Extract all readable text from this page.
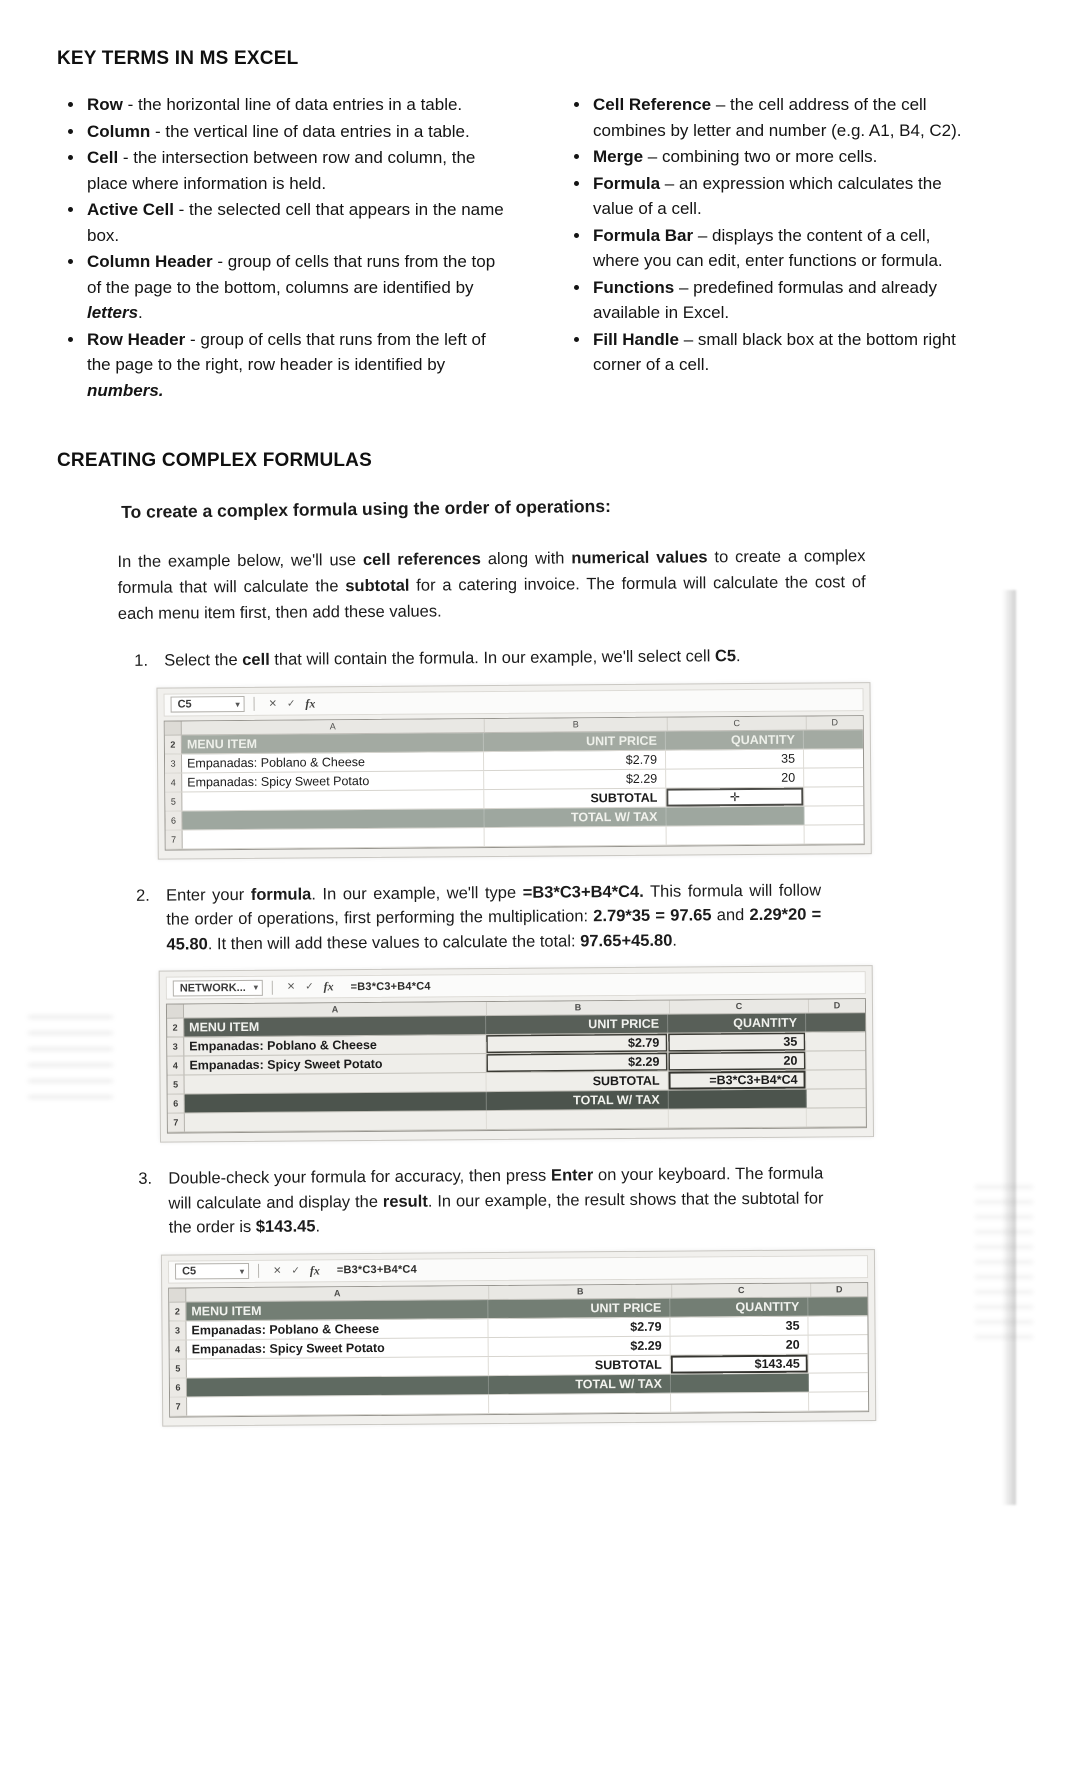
KEY TERMS IN MS EXCEL
• Row - the horizontal line of data entries in a table.
• Column - the vertical line of data entries in a table.
• Cell - the intersection between row and column, the place where information is held.
• Active Cell - the selected cell that appears in the name box.
• Column Header - group of cells that runs from the top of the page to the bottom, columns are identified by letters.
• Row Header - group of cells that runs from the left of the page to the right, row header is identified by numbers.
• Cell Reference – the cell address of the cell combines by letter and number (e.g. A1, B4, C2).
• Merge – combining two or more cells.
• Formula – an expression which calculates the value of a cell.
• Formula Bar – displays the content of a cell, where you can edit, enter functions or formula.
• Functions – predefined formulas and already available in Excel.
• Fill Handle – small black box at the bottom right corner of a cell.
CREATING COMPLEX FORMULAS
To create a complex formula using the order of operations:

In the example below, we'll use cell references along with numerical values to create a complex formula that will calculate the subtotal for a catering invoice. The formula will calculate the cost of each menu item first, then add these values.

1. Select the cell that will contain the formula. In our example, we'll select cell C5.
C5	▾	✕ ✓ fx
A	B	C	D
2 MENU ITEM	UNIT PRICE	QUANTITY
3 Empanadas: Poblano & Cheese	$2.79	35
4 Empanadas: Spicy Sweet Potato	$2.29	20
5	SUBTOTAL	✛
6	TOTAL W/ TAX
7
2. Enter your formula. In our example, we'll type =B3*C3+B4*C4. This formula will follow the order of operations, first performing the multiplication: 2.79*35 = 97.65 and 2.29*20 = 45.80. It then will add these values to calculate the total: 97.65+45.80.
NETWORK... ▾	✕ ✓ fx =B3*C3+B4*C4
A	B	C	D
2 MENU ITEM	UNIT PRICE	QUANTITY
3 Empanadas: Poblano & Cheese	$2.79	35
4 Empanadas: Spicy Sweet Potato	$2.29	20
5	SUBTOTAL	=B3*C3+B4*C4
6	TOTAL W/ TAX
7
3. Double-check your formula for accuracy, then press Enter on your keyboard. The formula will calculate and display the result. In our example, the result shows that the subtotal for the order is $143.45.
C5	▾	✕ ✓ fx =B3*C3+B4*C4
A	B	C	D
2 MENU ITEM	UNIT PRICE	QUANTITY
3 Empanadas: Poblano & Cheese	$2.79	35
4 Empanadas: Spicy Sweet Potato	$2.29	20
5	SUBTOTAL	$143.45
6	TOTAL W/ TAX
7
